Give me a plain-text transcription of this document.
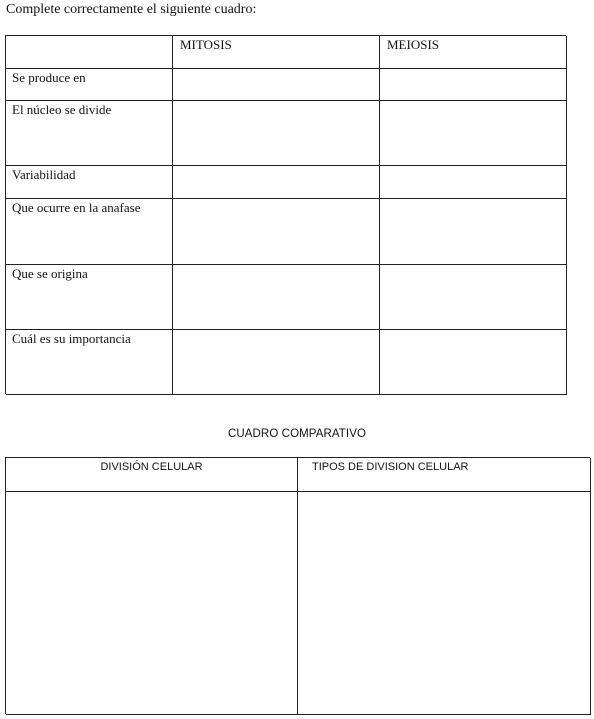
Complete correctamente el siguiente cuadro:
MITOSIS	MEIOSIS
Se produce en
El núcleo se divide
Variabilidad
Que ocurre en la anafase
Que se origina
Cuál es su importancia
CUADRO COMPARATIVO
DIVISIÓN CELULAR	TIPOS DE DIVISION CELULAR
